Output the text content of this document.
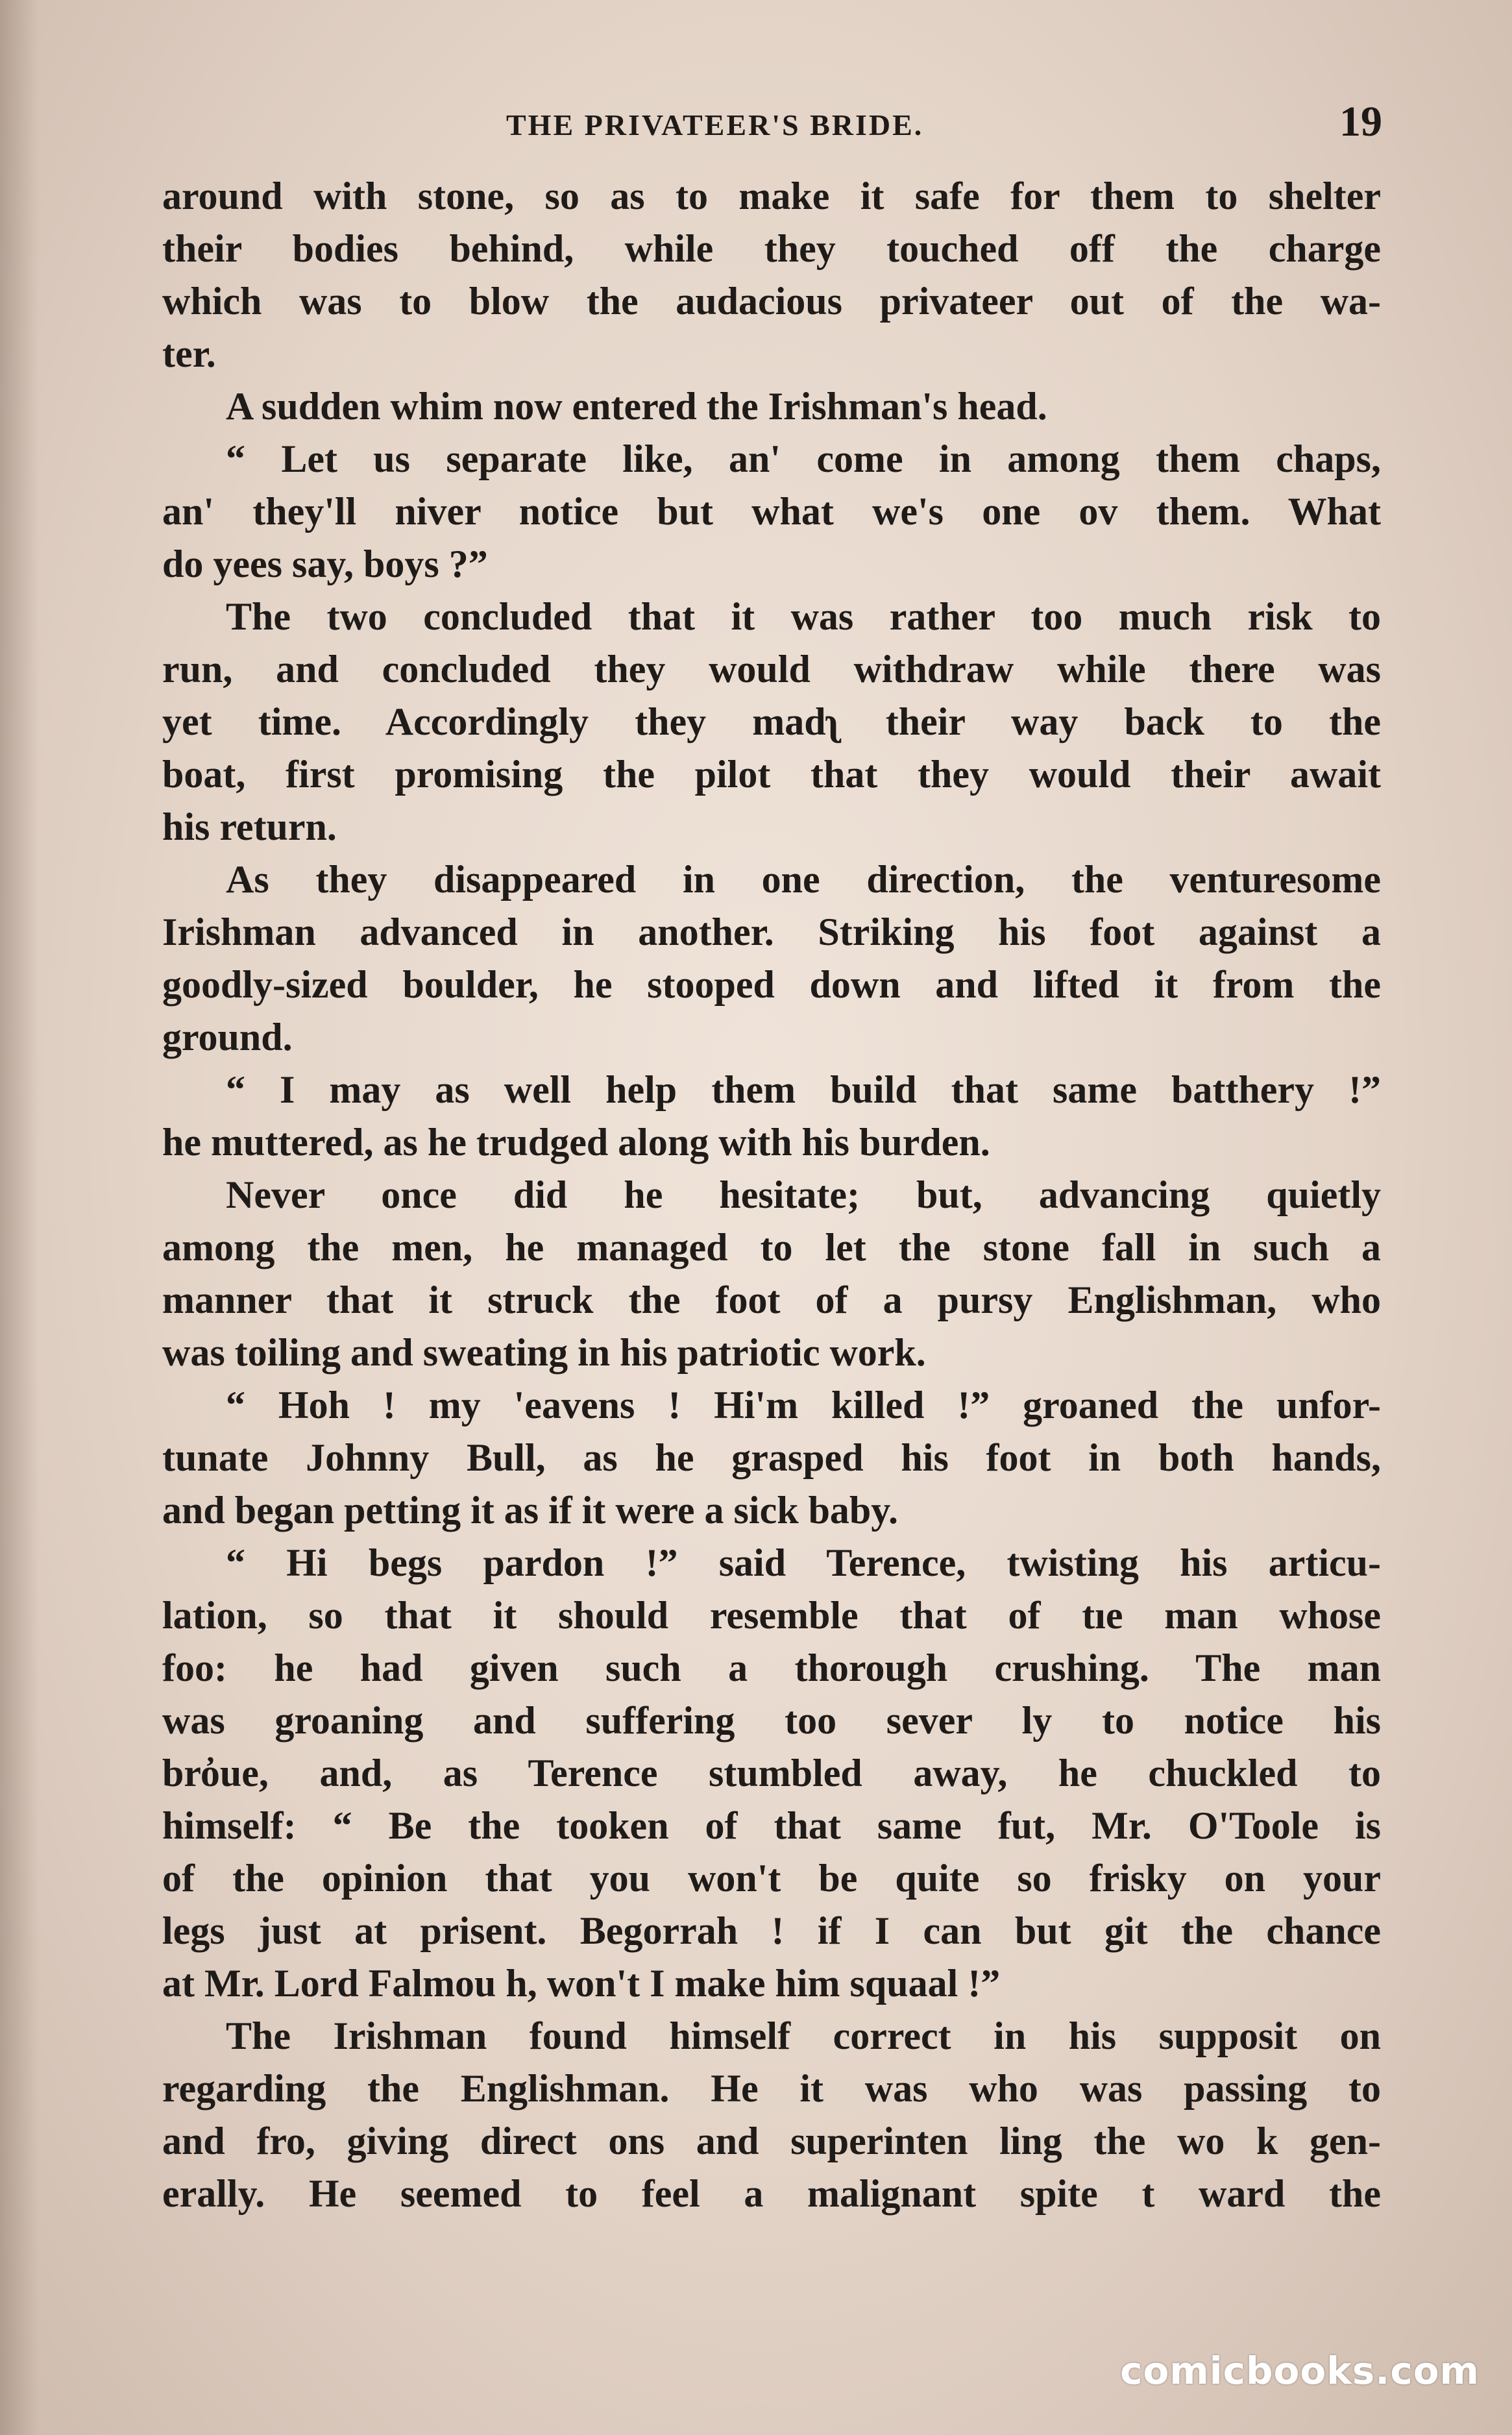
THE PRIVATEER'S BRIDE.	19
around with stone, so as to make it safe for them to shelter
their bodies behind, while they touched off the charge
which was to blow the audacious privateer out of the wa-
ter.
A sudden whim now entered the Irishman's head.
“ Let us separate like, an' come in among them chaps,
an' they'll niver notice but what we's one ov them. What
do yees say, boys ?”
The two concluded that it was rather too much risk to
run, and concluded they would withdraw while there was
yet time. Accordingly they madʅ their way back to the
boat, first promising the pilot that they would their await
his return.
As they disappeared in one direction, the venturesome
Irishman advanced in another. Striking his foot against a
goodly-sized boulder, he stooped down and lifted it from the
ground.
“ I may as well help them build that same batthery !”
he muttered, as he trudged along with his burden.
Never once did he hesitate; but, advancing quietly
among the men, he managed to let the stone fall in such a
manner that it struck the foot of a pursy Englishman, who
was toiling and sweating in his patriotic work.
“ Hoh ! my 'eavens ! Hi'm killed !” groaned the unfor-
tunate Johnny Bull, as he grasped his foot in both hands,
and began petting it as if it were a sick baby.
“ Hi begs pardon !” said Terence, twisting his articu-
lation, so that it should resemble that of tıe man whose
foo: he had given such a thorough crushing. The man
was groaning and suffering too sever ly to notice his
bro̓ue, and, as Terence stumbled away, he chuckled to
himself: “ Be the tooken of that same fut, Mr. O'Toole is
of the opinion that you won't be quite so frisky on your
legs just at prisent. Begorrah ! if I can but git the chance
at Mr. Lord Falmou h, won't I make him squaal !”
The Irishman found himself correct in his supposit on
regarding the Englishman. He it was who was passing to
and fro, giving direct ons and superinten ling the wo k gen-
erally. He seemed to feel a malignant spite t ward the
comicbooks.com
